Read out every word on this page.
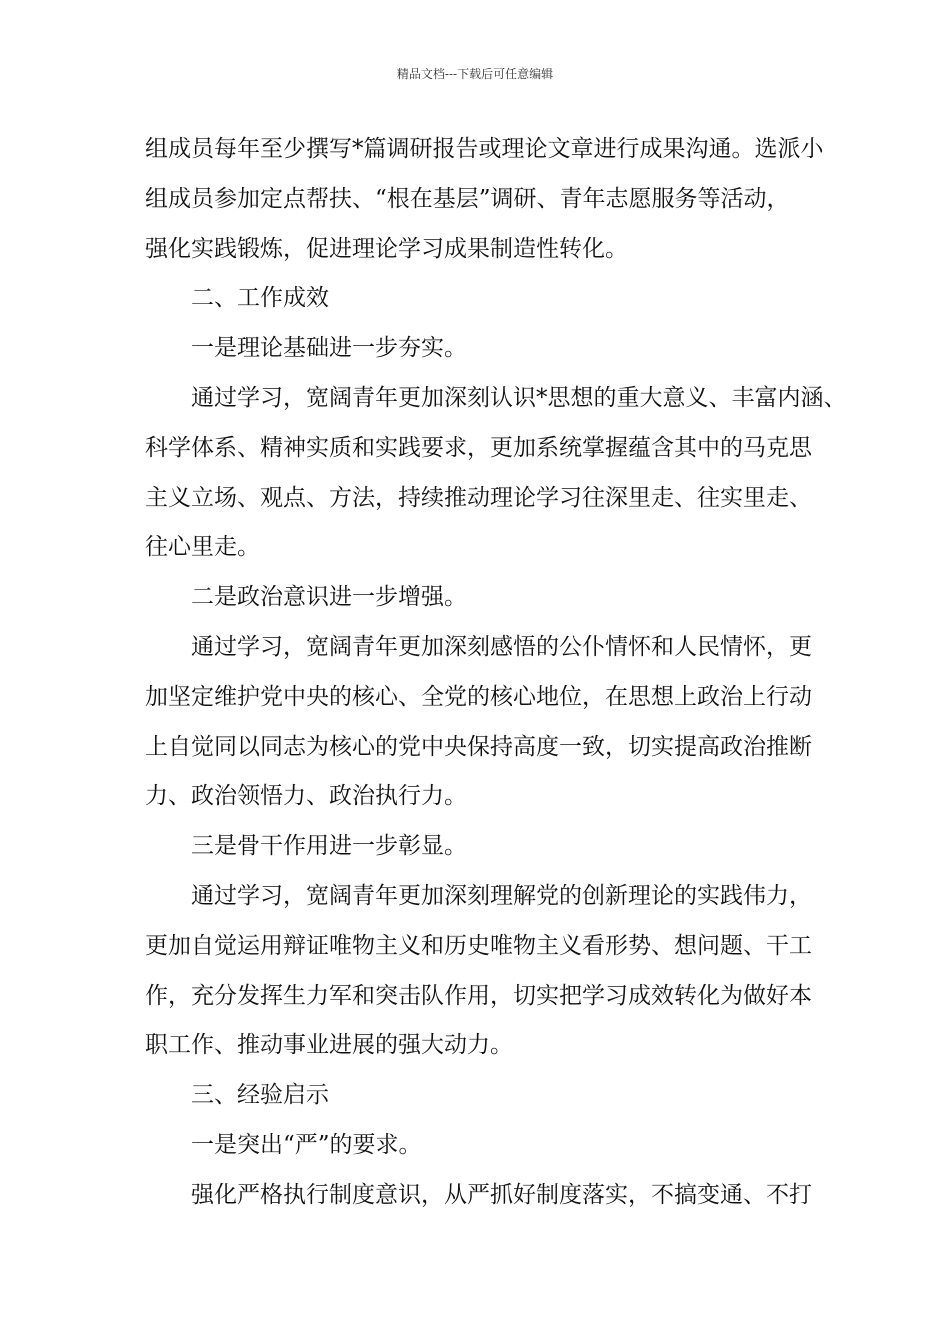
精品文档---下载后可任意编辑
组成员每年至少撰写*篇调研报告或理论文章进行成果沟通。选派小
组成员参加定点帮扶、“根在基层”调研、青年志愿服务等活动，
强化实践锻炼，促进理论学习成果制造性转化。
二、工作成效
一是理论基础进一步夯实。
通过学习，宽阔青年更加深刻认识*思想的重大意义、丰富内涵、
科学体系、精神实质和实践要求，更加系统掌握蕴含其中的马克思
主义立场、观点、方法，持续推动理论学习往深里走、往实里走、
往心里走。
二是政治意识进一步增强。
通过学习，宽阔青年更加深刻感悟的公仆情怀和人民情怀，更
加坚定维护党中央的核心、全党的核心地位，在思想上政治上行动
上自觉同以同志为核心的党中央保持高度一致，切实提高政治推断
力、政治领悟力、政治执行力。
三是骨干作用进一步彰显。
通过学习，宽阔青年更加深刻理解党的创新理论的实践伟力，
更加自觉运用辩证唯物主义和历史唯物主义看形势、想问题、干工
作，充分发挥生力军和突击队作用，切实把学习成效转化为做好本
职工作、推动事业进展的强大动力。
三、经验启示
一是突出“严”的要求。
强化严格执行制度意识，从严抓好制度落实，不搞变通、不打
